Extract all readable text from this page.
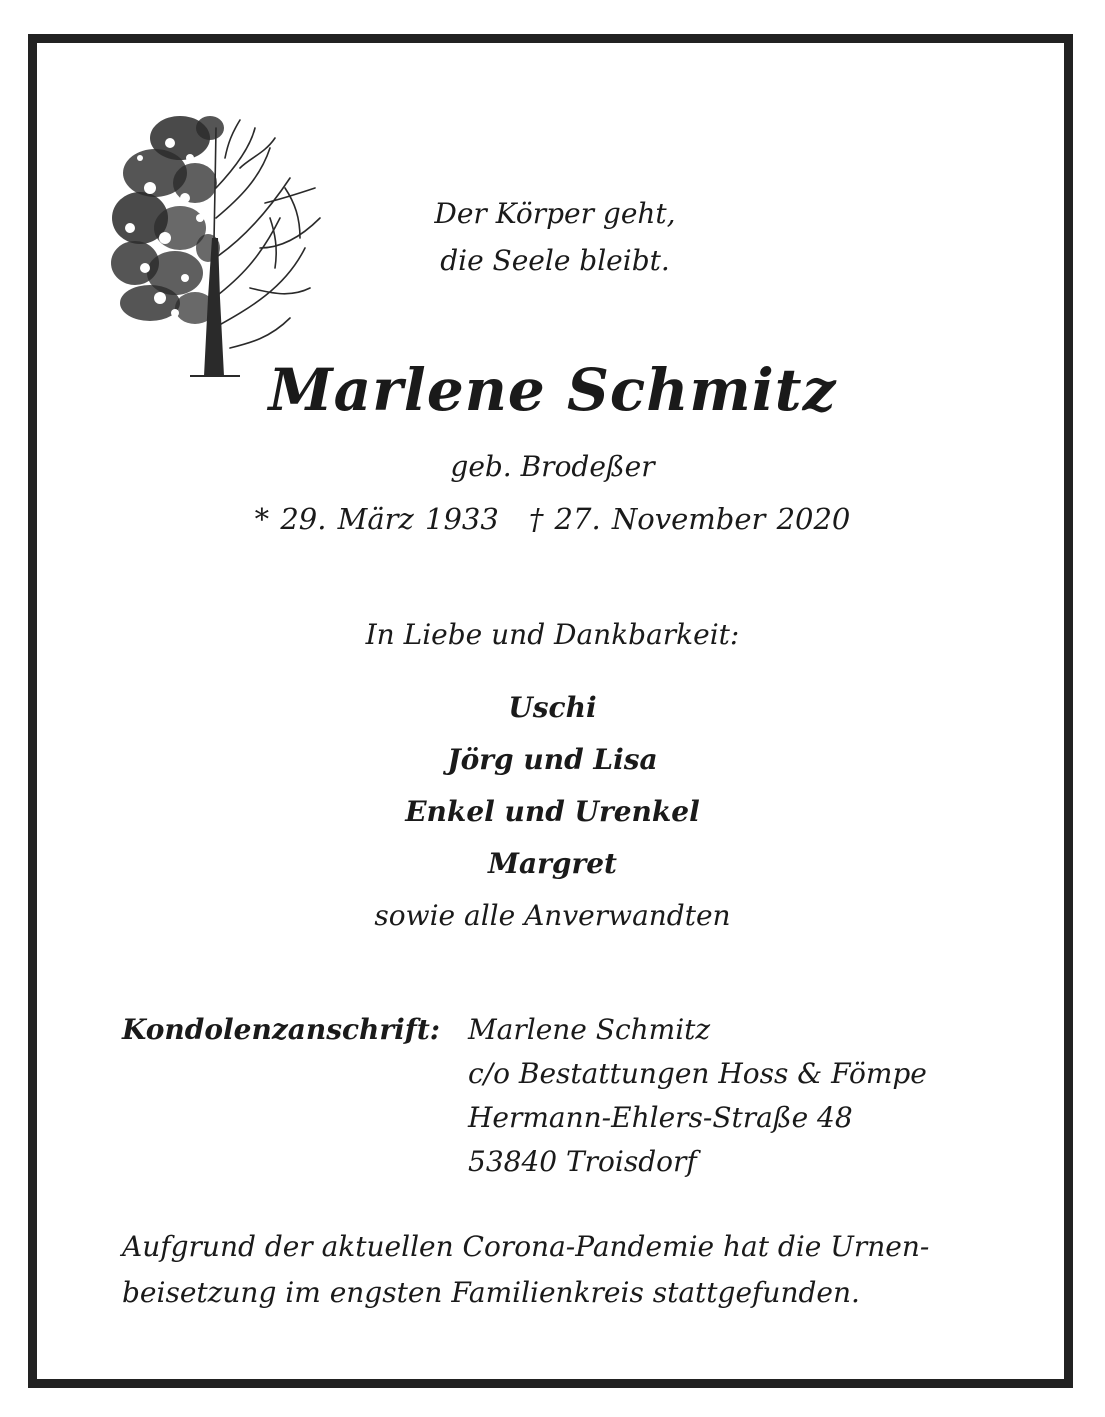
Der Körper geht,
die Seele bleibt.
Marlene Schmitz
geb. Brodeßer
* 29. März 1933 † 27. November 2020
In Liebe und Dankbarkeit:
Uschi
Jörg und Lisa
Enkel und Urenkel
Margret
sowie alle Anverwandten
Kondolenzanschrift: Marlene Schmitz
c/o Bestattungen Hoss & Fömpe
Hermann-Ehlers-Straße 48
53840 Troisdorf
Aufgrund der aktuellen Corona-Pandemie hat die Urnen-
beisetzung im engsten Familienkreis stattgefunden.
